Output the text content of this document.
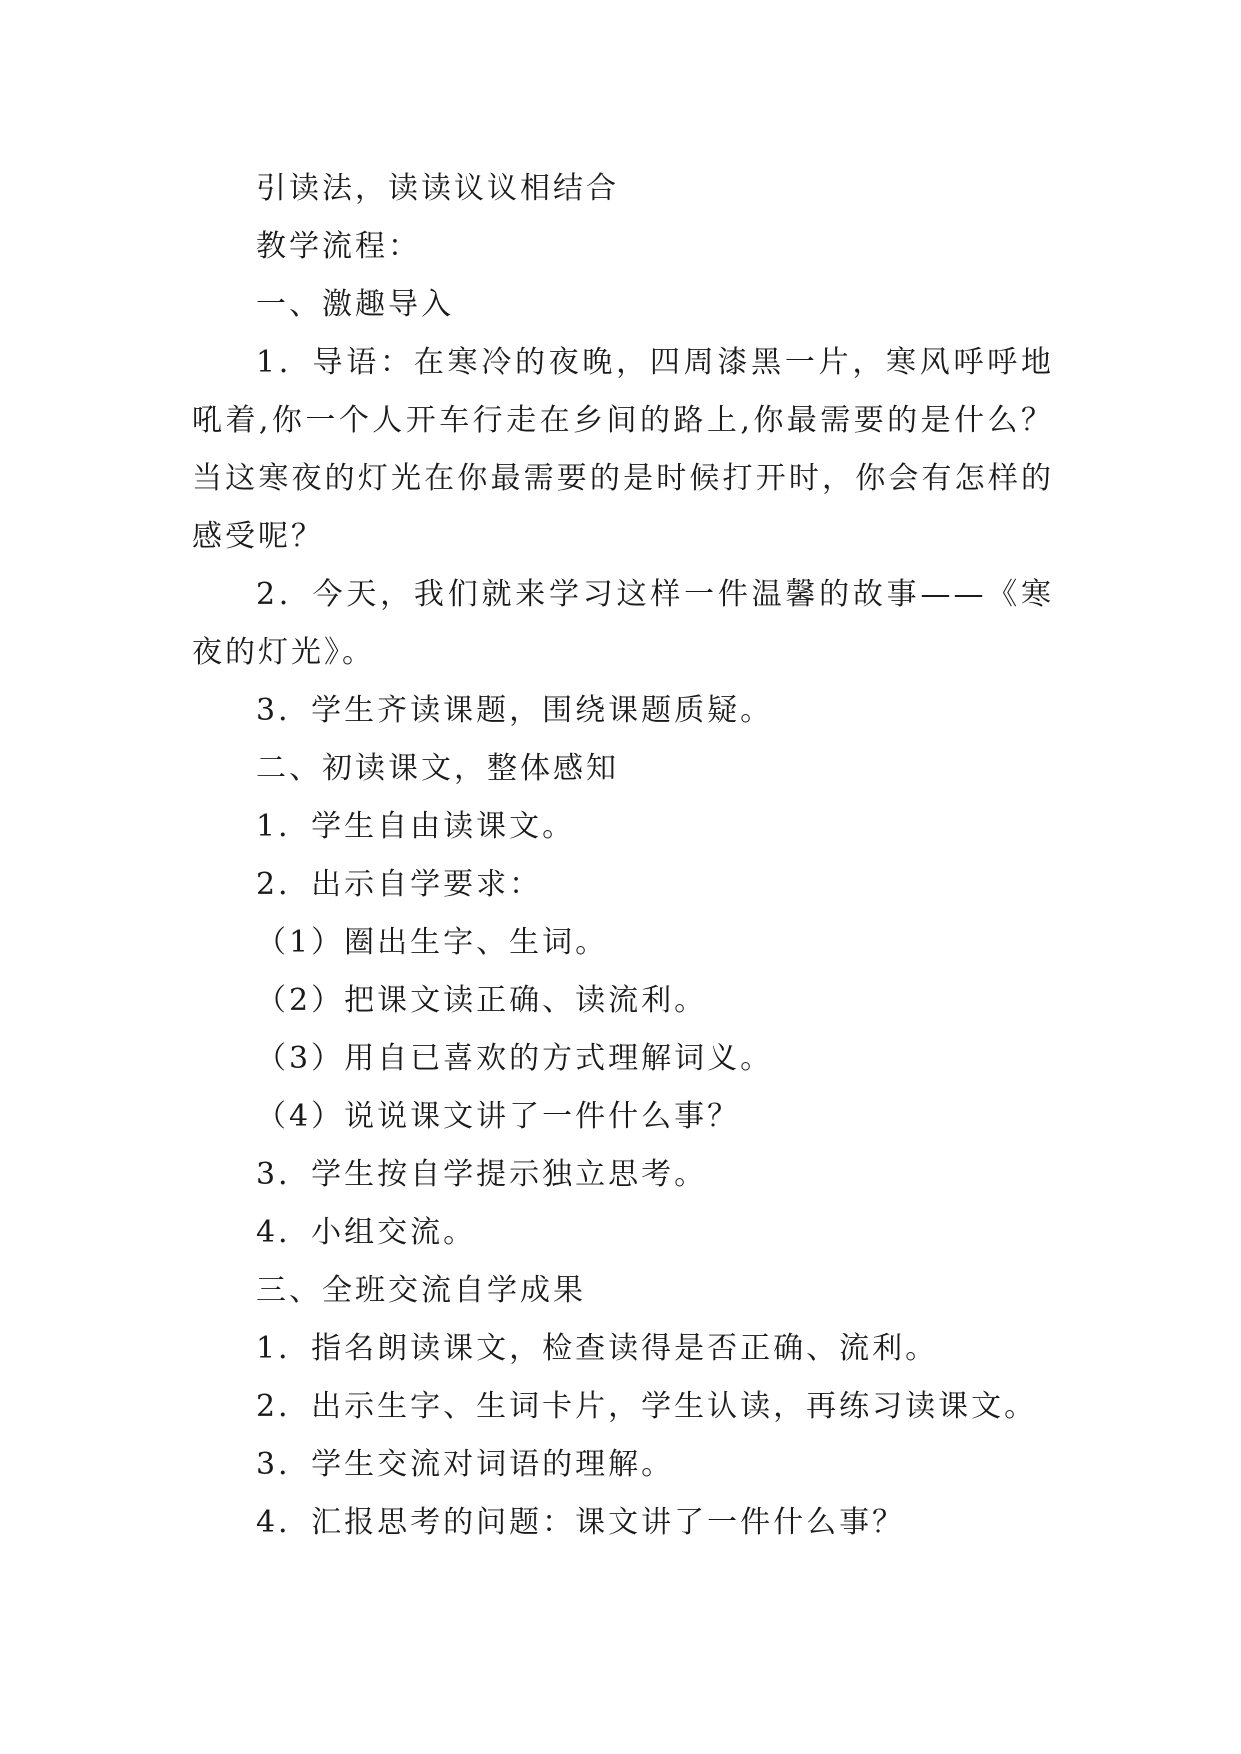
引读法，读读议议相结合

教学流程：

一、激趣导入

1．导语：在寒冷的夜晚，四周漆黑一片，寒风呼呼地吼着,你一个人开车行走在乡间的路上,你最需要的是什么？当这寒夜的灯光在你最需要的是时候打开时，你会有怎样的感受呢？

2．今天，我们就来学习这样一件温馨的故事——《寒夜的灯光》。

3．学生齐读课题，围绕课题质疑。

二、初读课文，整体感知

1．学生自由读课文。

2．出示自学要求：

（1）圈出生字、生词。

（2）把课文读正确、读流利。

（3）用自已喜欢的方式理解词义。

（4）说说课文讲了一件什么事？

3．学生按自学提示独立思考。

4．小组交流。

三、全班交流自学成果

1．指名朗读课文，检查读得是否正确、流利。

2．出示生字、生词卡片，学生认读，再练习读课文。

3．学生交流对词语的理解。

4．汇报思考的问题：课文讲了一件什么事？
